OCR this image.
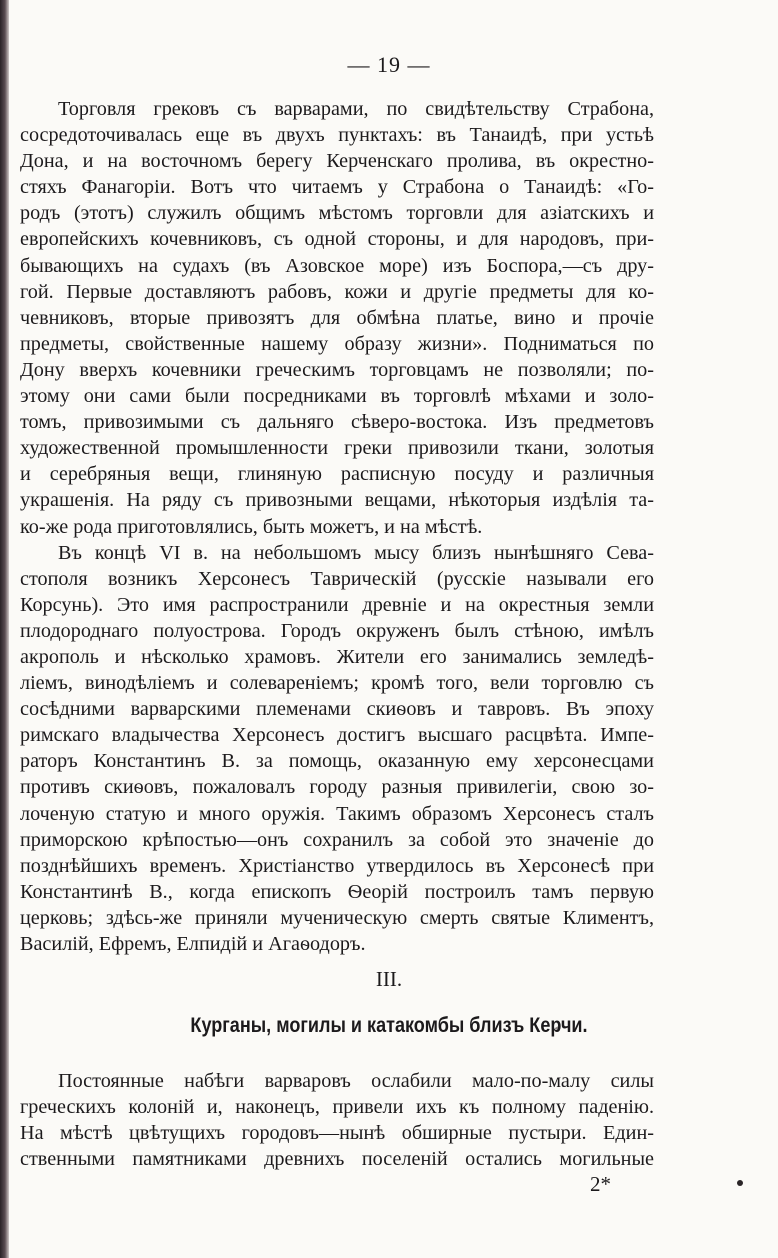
— 19 —
Торговля грековъ съ варварами, по свидѣтельству Страбона,
сосредоточивалась еще въ двухъ пунктахъ: въ Танаидѣ, при устьѣ
Дона, и на восточномъ берегу Керченскаго пролива, въ окрестно-
стяхъ Фанагоріи. Вотъ что читаемъ у Страбона о Танаидѣ: «Го-
родъ (этотъ) служилъ общимъ мѣстомъ торговли для азіатскихъ и
европейскихъ кочевниковъ, съ одной стороны, и для народовъ, при-
бывающихъ на судахъ (въ Азовское море) изъ Боспора,—съ дру-
гой. Первые доставляютъ рабовъ, кожи и другіе предметы для ко-
чевниковъ, вторые привозятъ для обмѣна платье, вино и прочіе
предметы, свойственные нашему образу жизни». Подниматься по
Дону вверхъ кочевники греческимъ торговцамъ не позволяли; по-
этому они сами были посредниками въ торговлѣ мѣхами и золо-
томъ, привозимыми съ дальняго сѣверо-востока. Изъ предметовъ
художественной промышленности греки привозили ткани, золотыя
и серебряныя вещи, глиняную расписную посуду и различныя
украшенія. На ряду съ привозными вещами, нѣкоторыя издѣлія та-
ко-же рода приготовлялись, быть можетъ, и на мѣстѣ.
Въ концѣ VI в. на небольшомъ мысу близъ нынѣшняго Сева-
стополя возникъ Херсонесъ Таврическій (русскіе называли его
Корсунь). Это имя распространили древніе и на окрестныя земли
плодороднаго полуострова. Городъ окруженъ былъ стѣною, имѣлъ
акрополь и нѣсколько храмовъ. Жители его занимались земледѣ-
ліемъ, винодѣліемъ и солевареніемъ; кромѣ того, вели торговлю съ
сосѣдними варварскими племенами скиѳовъ и тавровъ. Въ эпоху
римскаго владычества Херсонесъ достигъ высшаго расцвѣта. Импе-
раторъ Константинъ В. за помощь, оказанную ему херсонесцами
противъ скиѳовъ, пожаловалъ городу разныя привилегіи, свою зо-
лоченую статую и много оружія. Такимъ образомъ Херсонесъ сталъ
приморскою крѣпостью—онъ сохранилъ за собой это значеніе до
позднѣйшихъ временъ. Христіанство утвердилось въ Херсонесѣ при
Константинѣ В., когда епископъ Ѳеорій построилъ тамъ первую
церковь; здѣсь-же приняли мученическую смерть святые Климентъ,
Василій, Ефремъ, Елпидій и Агаѳодоръ.
III.
Курганы, могилы и катакомбы близъ Керчи.
Постоянные набѣги варваровъ ослабили мало-по-малу силы
греческихъ колоній и, наконецъ, привели ихъ къ полному паденію.
На мѣстѣ цвѣтущихъ городовъ—нынѣ обширные пустыри. Един-
ственными памятниками древнихъ поселеній остались могильные
2*
